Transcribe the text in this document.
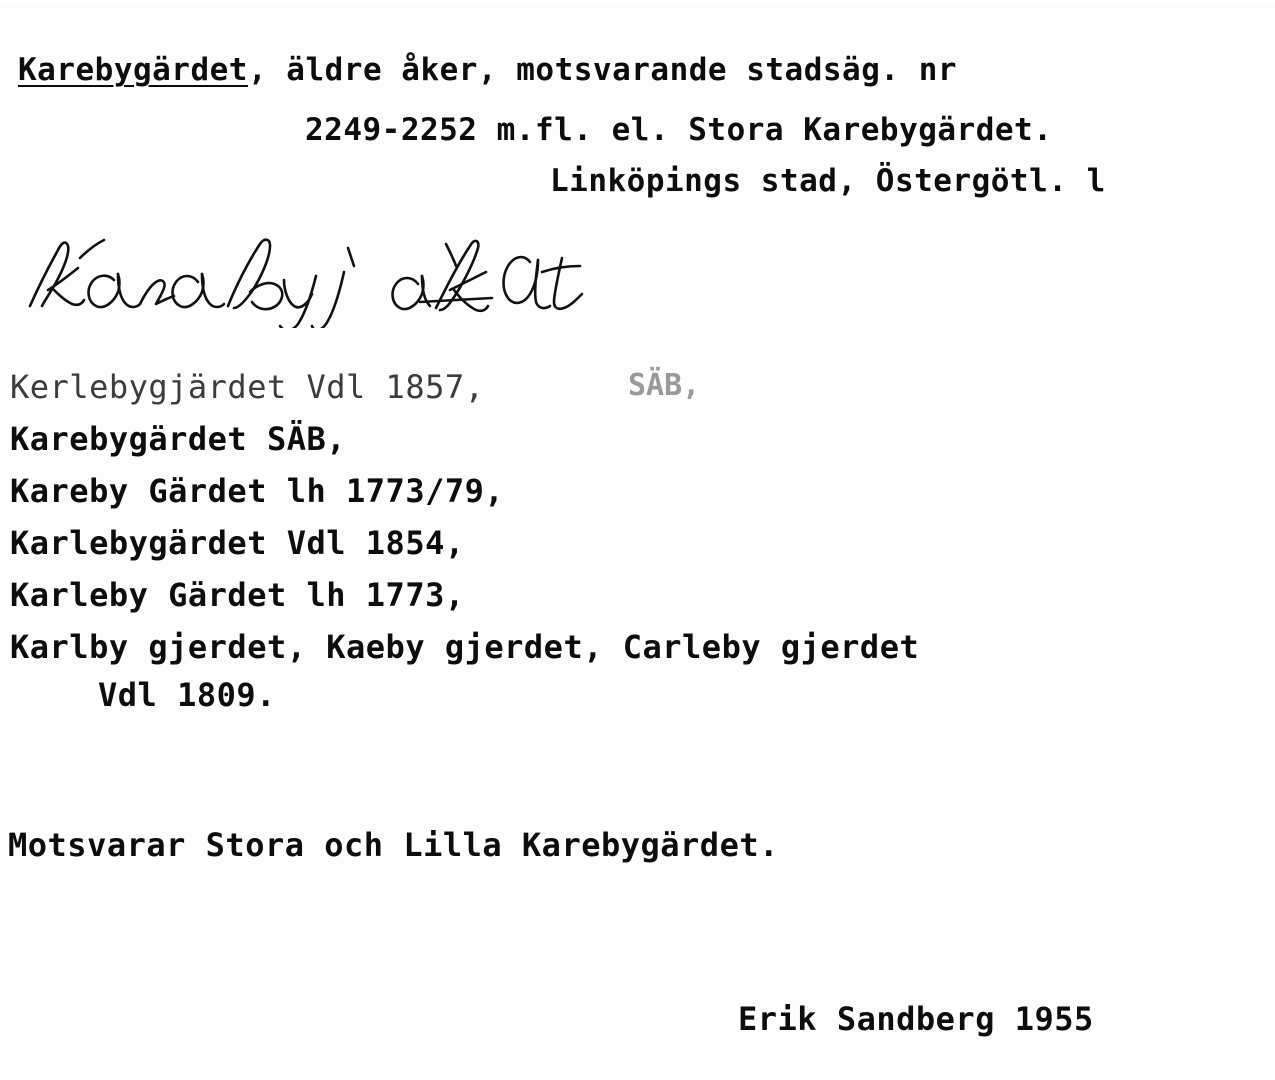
Karebygärdet, äldre åker, motsvarande stadsäg. nr
2249-2252 m.fl. el. Stora Karebygärdet.
Linköpings stad, Östergötl. l
Kerlebygjärdet Vdl 1857,	SÄB,
Karebygärdet SÄB,
Kareby Gärdet lh 1773/79,
Karlebygärdet Vdl 1854,
Karleby Gärdet lh 1773,
Karlby gjerdet, Kaeby gjerdet, Carleby gjerdet
Vdl 1809.
Motsvarar Stora och Lilla Karebygärdet.
Erik Sandberg 1955
